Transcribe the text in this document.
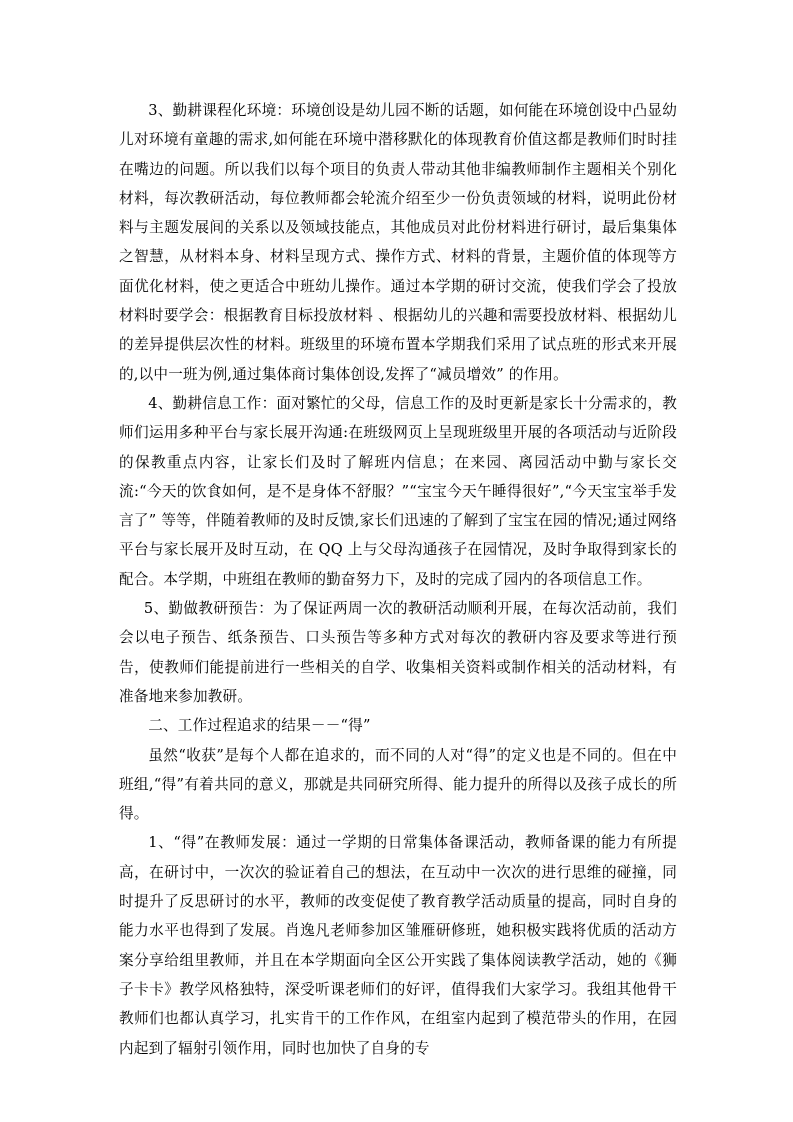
3、勤耕课程化环境：环境创设是幼儿园不断的话题，如何能在环境创设中凸显幼儿对环境有童趣的需求,如何能在环境中潜移默化的体现教育价值这都是教师们时时挂在嘴边的问题。所以我们以每个项目的负责人带动其他非编教师制作主题相关个别化材料，每次教研活动，每位教师都会轮流介绍至少一份负责领域的材料，说明此份材料与主题发展间的关系以及领域技能点，其他成员对此份材料进行研讨，最后集集体之智慧，从材料本身、材料呈现方式、操作方式、材料的背景，主题价值的体现等方面优化材料，使之更适合中班幼儿操作。通过本学期的研讨交流，使我们学会了投放材料时要学会：根据教育目标投放材料 、根据幼儿的兴趣和需要投放材料、根据幼儿的差异提供层次性的材料。班级里的环境布置本学期我们采用了试点班的形式来开展的,以中一班为例,通过集体商讨集体创设,发挥了“减员增效” 的作用。

4、勤耕信息工作：面对繁忙的父母，信息工作的及时更新是家长十分需求的，教师们运用多种平台与家长展开沟通:在班级网页上呈现班级里开展的各项活动与近阶段的保教重点内容，让家长们及时了解班内信息；在来园、离园活动中勤与家长交流:“今天的饮食如何，是不是身体不舒服？”“宝宝今天午睡得很好”,“今天宝宝举手发言了” 等等，伴随着教师的及时反馈,家长们迅速的了解到了宝宝在园的情况;通过网络平台与家长展开及时互动，在 QQ 上与父母沟通孩子在园情况，及时争取得到家长的配合。本学期，中班组在教师的勤奋努力下，及时的完成了园内的各项信息工作。

5、勤做教研预告：为了保证两周一次的教研活动顺利开展，在每次活动前，我们会以电子预告、纸条预告、口头预告等多种方式对每次的教研内容及要求等进行预告，使教师们能提前进行一些相关的自学、收集相关资料或制作相关的活动材料，有准备地来参加教研。

二、工作过程追求的结果－－“得”

虽然“收获”是每个人都在追求的，而不同的人对“得”的定义也是不同的。但在中班组,“得”有着共同的意义，那就是共同研究所得、能力提升的所得以及孩子成长的所得。

1、“得”在教师发展：通过一学期的日常集体备课活动，教师备课的能力有所提高，在研讨中，一次次的验证着自己的想法，在互动中一次次的进行思维的碰撞，同时提升了反思研讨的水平，教师的改变促使了教育教学活动质量的提高，同时自身的能力水平也得到了发展。肖逸凡老师参加区雏雁研修班，她积极实践将优质的活动方案分享给组里教师，并且在本学期面向全区公开实践了集体阅读教学活动，她的《狮子卡卡》教学风格独特，深受听课老师们的好评，值得我们大家学习。我组其他骨干教师们也都认真学习，扎实肯干的工作作风，在组室内起到了模范带头的作用，在园内起到了辐射引领作用，同时也加快了自身的专
